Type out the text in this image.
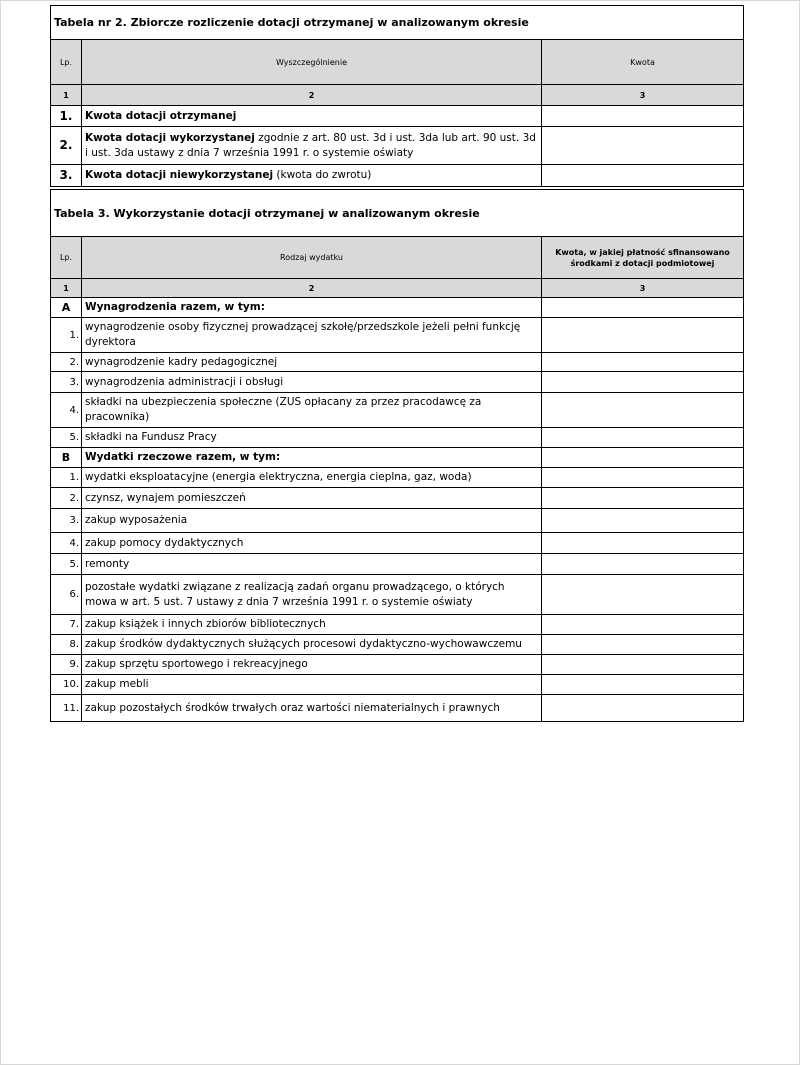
Tabela nr 2. Zbiorcze rozliczenie dotacji otrzymanej w analizowanym okresie		
Lp.	Wyszczególnienie	Kwota
1	2	3
1.	Kwota dotacji otrzymanej	
2.	Kwota dotacji wykorzystanej zgodnie z art. 80 ust. 3d i ust. 3da lub art. 90 ust. 3d i ust. 3da ustawy z dnia 7 września 1991 r. o systemie oświaty	
3.	Kwota dotacji niewykorzystanej (kwota do zwrotu)	
Tabela 3. Wykorzystanie dotacji otrzymanej w analizowanym okresie		
Lp.	Rodzaj wydatku	Kwota, w jakiej płatność sfinansowano środkami z dotacji podmiotowej
1	2	3
A	Wynagrodzenia razem, w tym:	
1.	wynagrodzenie osoby fizycznej prowadzącej szkołę/przedszkole jeżeli pełni funkcję dyrektora	
2.	wynagrodzenie kadry pedagogicznej	
3.	wynagrodzenia administracji i obsługi	
4.	składki na ubezpieczenia społeczne (ZUS opłacany za przez pracodawcę za pracownika)	
5.	składki na Fundusz Pracy	
B	Wydatki rzeczowe razem, w tym:	
1.	wydatki eksploatacyjne (energia elektryczna, energia cieplna, gaz, woda)	
2.	czynsz, wynajem pomieszczeń	
3.	zakup wyposażenia	
4.	zakup pomocy dydaktycznych	
5.	remonty	
6.	pozostałe wydatki związane z realizacją zadań organu prowadzącego, o których mowa w art. 5 ust. 7 ustawy z dnia 7 września 1991 r. o systemie oświaty	
7.	zakup książek i innych zbiorów bibliotecznych	
8.	zakup środków dydaktycznych służących procesowi dydaktyczno-wychowawczemu	
9.	zakup sprzętu sportowego i rekreacyjnego	
10.	zakup mebli	
11.	zakup pozostałych środków trwałych oraz wartości niematerialnych i prawnych	
